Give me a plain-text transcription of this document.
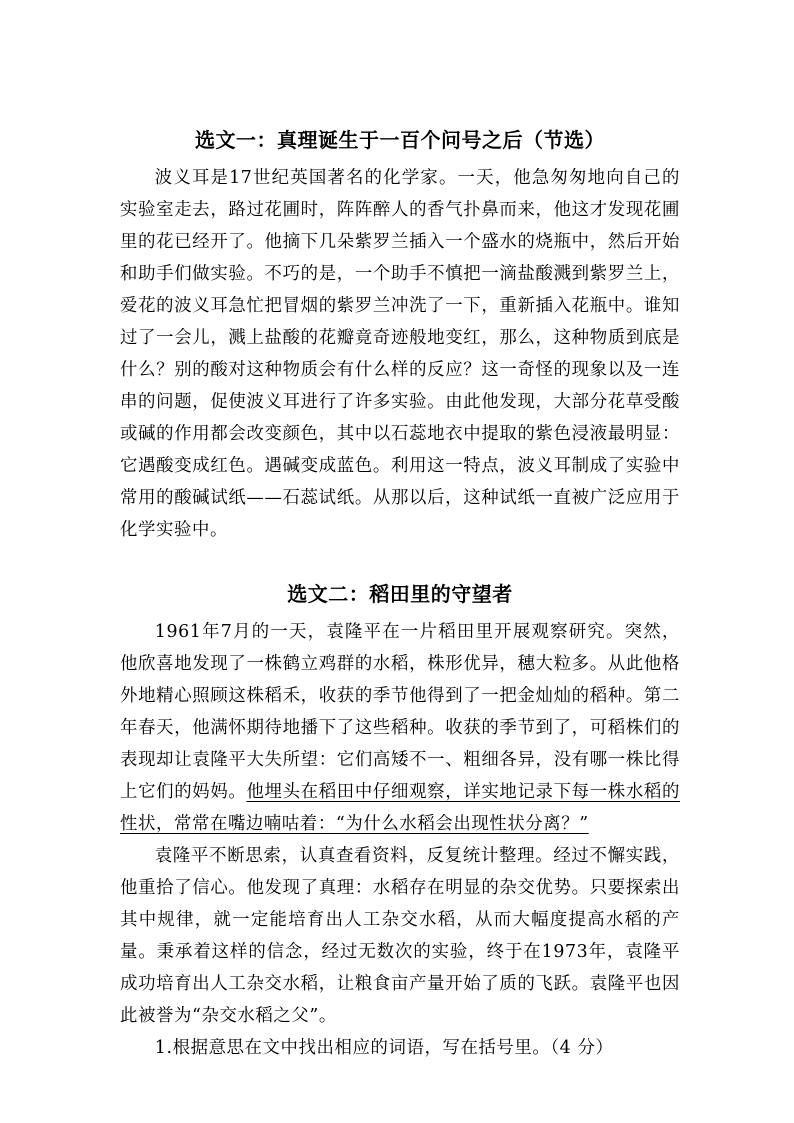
选文一：真理诞生于一百个问号之后（节选）

波义耳是17世纪英国著名的化学家。一天，他急匆匆地向自己的实验室走去，路过花圃时，阵阵醉人的香气扑鼻而来，他这才发现花圃里的花已经开了。他摘下几朵紫罗兰插入一个盛水的烧瓶中，然后开始和助手们做实验。不巧的是，一个助手不慎把一滴盐酸溅到紫罗兰上，爱花的波义耳急忙把冒烟的紫罗兰冲洗了一下，重新插入花瓶中。谁知过了一会儿，溅上盐酸的花瓣竟奇迹般地变红，那么，这种物质到底是什么？别的酸对这种物质会有什么样的反应？这一奇怪的现象以及一连串的问题，促使波义耳进行了许多实验。由此他发现，大部分花草受酸或碱的作用都会改变颜色，其中以石蕊地衣中提取的紫色浸液最明显：它遇酸变成红色。遇碱变成蓝色。利用这一特点，波义耳制成了实验中常用的酸碱试纸——石蕊试纸。从那以后，这种试纸一直被广泛应用于化学实验中。

选文二：稻田里的守望者

1961年7月的一天，袁隆平在一片稻田里开展观察研究。突然，他欣喜地发现了一株鹤立鸡群的水稻，株形优异，穗大粒多。从此他格外地精心照顾这株稻禾，收获的季节他得到了一把金灿灿的稻种。第二年春天，他满怀期待地播下了这些稻种。收获的季节到了，可稻株们的表现却让袁隆平大失所望：它们高矮不一、粗细各异，没有哪一株比得上它们的妈妈。他埋头在稻田中仔细观察，详实地记录下每一株水稻的性状，常常在嘴边喃咕着：“为什么水稻会出现性状分离？”

袁隆平不断思索，认真查看资料，反复统计整理。经过不懈实践，他重拾了信心。他发现了真理：水稻存在明显的杂交优势。只要探索出其中规律，就一定能培育出人工杂交水稻，从而大幅度提高水稻的产量。秉承着这样的信念，经过无数次的实验，终于在1973年，袁隆平成功培育出人工杂交水稻，让粮食亩产量开始了质的飞跃。袁隆平也因此被誉为“杂交水稻之父”。

1.根据意思在文中找出相应的词语，写在括号里。（4 分）
